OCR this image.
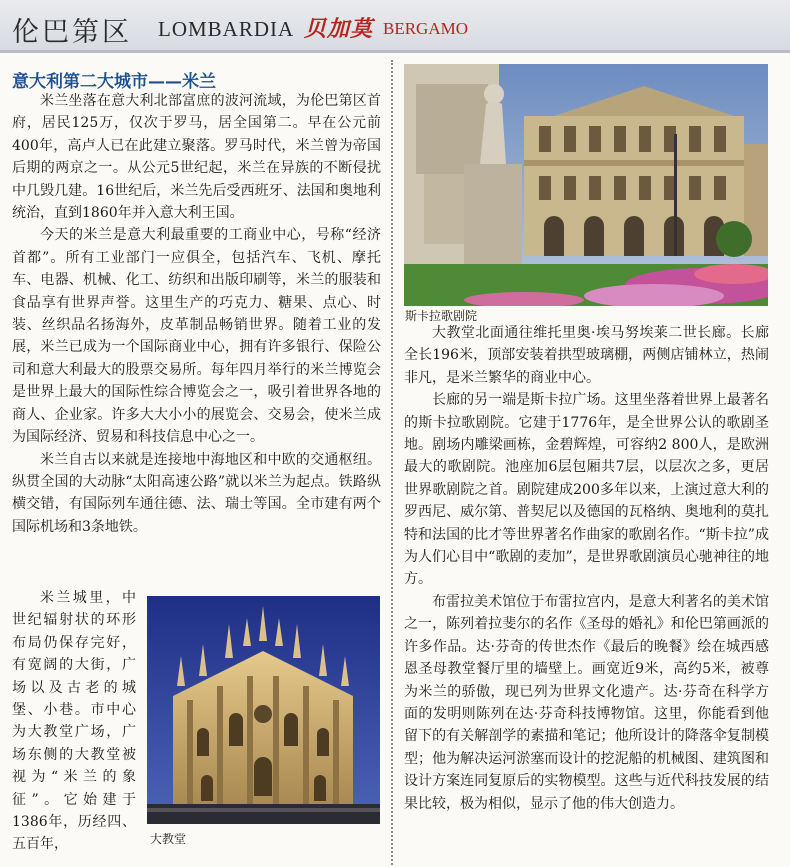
伦巴第区 LOMBARDIA 贝加莫 BERGAMO
意大利第二大城市——米兰

米兰坐落在意大利北部富庶的波河流域，为伦巴第区首府，居民125万，仅次于罗马，居全国第二。早在公元前400年，高卢人已在此建立聚落。罗马时代，米兰曾为帝国后期的两京之一。从公元5世纪起，米兰在异族的不断侵扰中几毁几建。16世纪后，米兰先后受西班牙、法国和奥地利统治，直到1860年并入意大利王国。

今天的米兰是意大利最重要的工商业中心，号称“经济首都”。所有工业部门一应俱全，包括汽车、飞机、摩托车、电器、机械、化工、纺织和出版印刷等，米兰的服装和食品享有世界声誉。这里生产的巧克力、糖果、点心、时装、丝织品名扬海外，皮革制品畅销世界。随着工业的发展，米兰已成为一个国际商业中心，拥有许多银行、保险公司和意大利最大的股票交易所。每年四月举行的米兰博览会是世界上最大的国际性综合博览会之一，吸引着世界各地的商人、企业家。许多大大小小的展览会、交易会，使米兰成为国际经济、贸易和科技信息中心之一。

米兰自古以来就是连接地中海地区和中欧的交通枢纽。纵贯全国的大动脉“太阳高速公路”就以米兰为起点。铁路纵横交错，有国际列车通往德、法、瑞士等国。全市建有两个国际机场和3条地铁。

米兰城里，中世纪辐射状的环形布局仍保存完好，有宽阔的大街，广场以及古老的城堡、小巷。市中心为大教堂广场，广场东侧的大教堂被视为“米兰的象征”。它始建于1386年，历经四、五百年，

斯卡拉歌剧院

大教堂北面通往维托里奥·埃马努埃莱二世长廊。长廊全长196米，顶部安装着拱型玻璃棚，两侧店铺林立，热闹非凡，是米兰繁华的商业中心。

长廊的另一端是斯卡拉广场。这里坐落着世界上最著名的斯卡拉歌剧院。它建于1776年，是全世界公认的歌剧圣地。剧场内雕梁画栋，金碧辉煌，可容纳2 800人，是欧洲最大的歌剧院。池座加6层包厢共7层，以层次之多，更居世界歌剧院之首。剧院建成200多年以来，上演过意大利的罗西尼、威尔第、普契尼以及德国的瓦格纳、奥地利的莫扎特和法国的比才等世界著名作曲家的歌剧名作。“斯卡拉”成为人们心目中“歌剧的麦加”，是世界歌剧演员心驰神往的地方。

布雷拉美术馆位于布雷拉宫内，是意大利著名的美术馆之一，陈列着拉斐尔的名作《圣母的婚礼》和伦巴第画派的许多作品。达·芬奇的传世杰作《最后的晚餐》绘在城西感恩圣母教堂餐厅里的墙壁上。画宽近9米，高约5米，被尊为米兰的骄傲，现已列为世界文化遗产。达·芬奇在科学方面的发明则陈列在达·芬奇科技博物馆。这里，你能看到他留下的有关解剖学的素描和笔记；他所设计的降落伞复制模型；他为解决运河淤塞而设计的挖泥船的机械图、建筑图和设计方案连同复原后的实物模型。这些与近代科技发展的结果比较，极为相似，显示了他的伟大创造力。

大教堂
